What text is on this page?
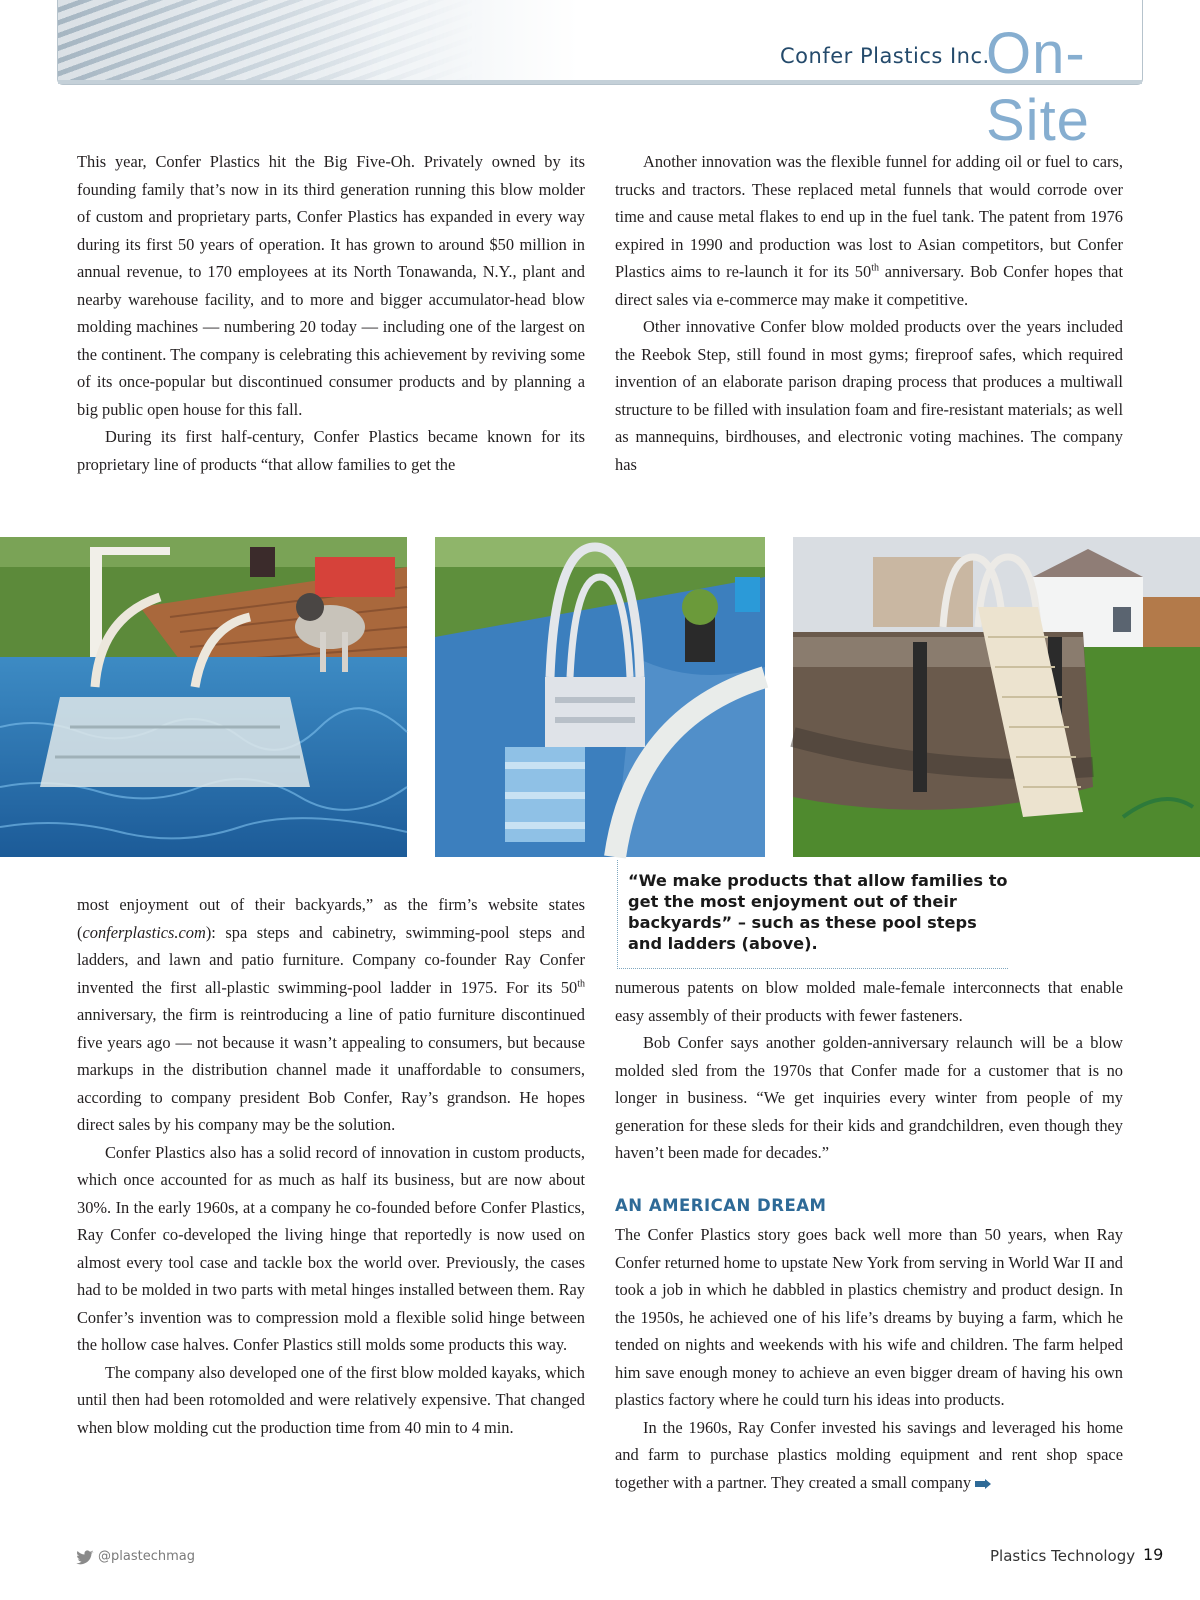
Confer Plastics Inc.
On-Site

This year, Confer Plastics hit the Big Five-Oh. Privately owned by its founding family that’s now in its third generation running this blow molder of custom and proprietary parts, Confer Plastics has expanded in every way during its first 50 years of operation. It has grown to around $50 million in annual revenue, to 170 employees at its North Tonawanda, N.Y., plant and nearby warehouse facility, and to more and bigger accumulator-head blow molding machines — numbering 20 today — including one of the largest on the continent. The company is celebrating this achievement by reviving some of its once-popular but discontinued consumer products and by planning a big public open house for this fall.

During its first half-century, Confer Plastics became known for its proprietary line of products “that allow families to get the

Another innovation was the flexible funnel for adding oil or fuel to cars, trucks and tractors. These replaced metal funnels that would corrode over time and cause metal flakes to end up in the fuel tank. The patent from 1976 expired in 1990 and production was lost to Asian competitors, but Confer Plastics aims to re-launch it for its 50th anniversary. Bob Confer hopes that direct sales via e-commerce may make it competitive.

Other innovative Confer blow molded products over the years included the Reebok Step, still found in most gyms; fireproof safes, which required invention of an elaborate parison draping process that produces a multiwall structure to be filled with insulation foam and fire-resistant materials; as well as mannequins, birdhouses, and electronic voting machines. The company has

“We make products that allow families to get the most enjoyment out of their backyards” – such as these pool steps and ladders (above).

most enjoyment out of their backyards,” as the firm’s website states (conferplastics.com): spa steps and cabinetry, swimming-pool steps and ladders, and lawn and patio furniture. Company co-founder Ray Confer invented the first all-plastic swimming-pool ladder in 1975. For its 50th anniversary, the firm is reintroducing a line of patio furniture discontinued five years ago — not because it wasn’t appealing to consumers, but because markups in the distribution channel made it unaffordable to consumers, according to company president Bob Confer, Ray’s grandson. He hopes direct sales by his company may be the solution.

Confer Plastics also has a solid record of innovation in custom products, which once accounted for as much as half its business, but are now about 30%. In the early 1960s, at a company he co-founded before Confer Plastics, Ray Confer co-developed the living hinge that reportedly is now used on almost every tool case and tackle box the world over. Previously, the cases had to be molded in two parts with metal hinges installed between them. Ray Confer’s invention was to compression mold a flexible solid hinge between the hollow case halves. Confer Plastics still molds some products this way.

The company also developed one of the first blow molded kayaks, which until then had been rotomolded and were relatively expensive. That changed when blow molding cut the production time from 40 min to 4 min.

numerous patents on blow molded male-female interconnects that enable easy assembly of their products with fewer fasteners.

Bob Confer says another golden-anniversary relaunch will be a blow molded sled from the 1970s that Confer made for a customer that is no longer in business. “We get inquiries every winter from people of my generation for these sleds for their kids and grandchildren, even though they haven’t been made for decades.”

AN AMERICAN DREAM

The Confer Plastics story goes back well more than 50 years, when Ray Confer returned home to upstate New York from serving in World War II and took a job in which he dabbled in plastics chemistry and product design. In the 1950s, he achieved one of his life’s dreams by buying a farm, which he tended on nights and weekends with his wife and children. The farm helped him save enough money to achieve an even bigger dream of having his own plastics factory where he could turn his ideas into products.

In the 1960s, Ray Confer invested his savings and leveraged his home and farm to purchase plastics molding equipment and rent shop space together with a partner. They created a small company

@plastechmag	Plastics Technology 19
